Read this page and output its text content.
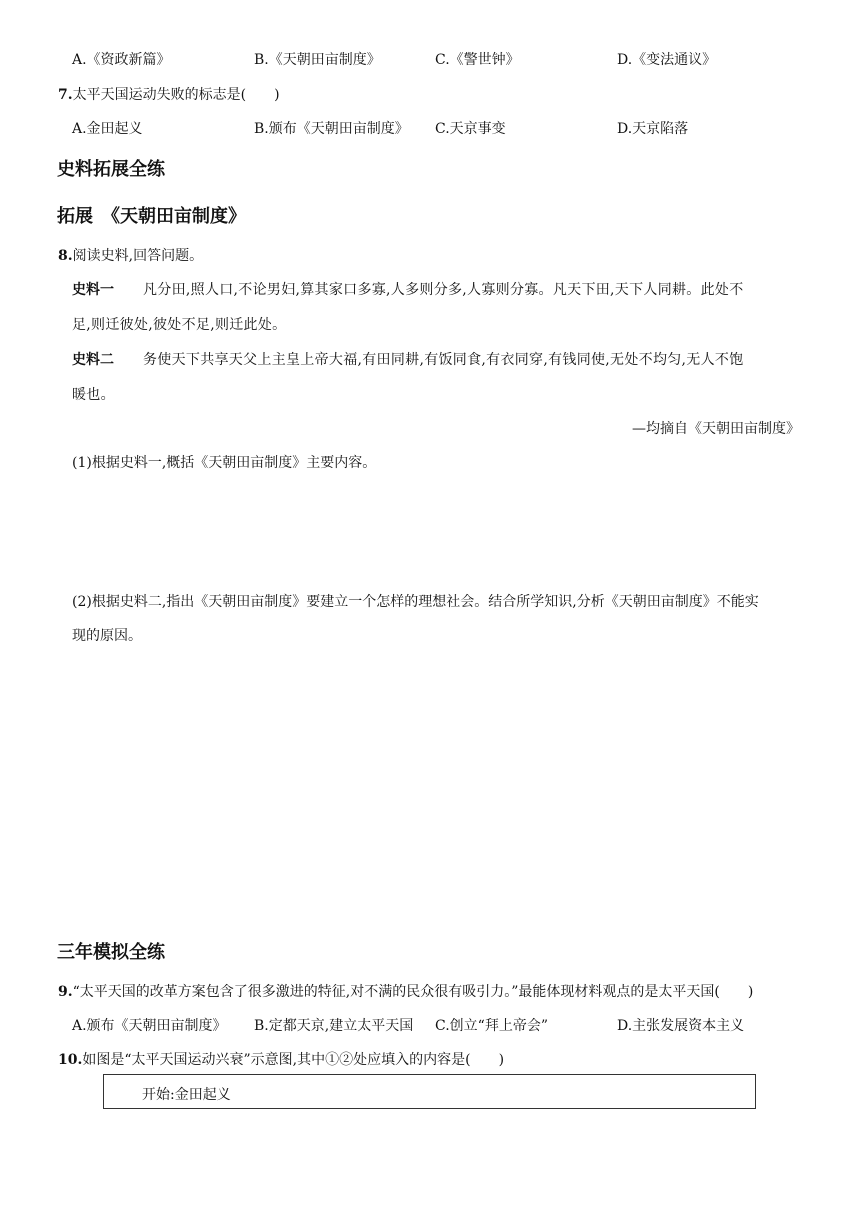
A.《资政新篇》	B.《天朝田亩制度》	C.《警世钟》	D.《变法通议》
7.太平天国运动失败的标志是(　　)
A.金田起义	B.颁布《天朝田亩制度》 C.天京事变	D.天京陷落
史料拓展全练
拓展　《天朝田亩制度》
8.阅读史料,回答问题。
史料一 凡分田,照人口,不论男妇,算其家口多寡,人多则分多,人寡则分寡。凡天下田,天下人同耕。此处不
足,则迁彼处,彼处不足,则迁此处。
史料二 务使天下共享天父上主皇上帝大福,有田同耕,有饭同食,有衣同穿,有钱同使,无处不均匀,无人不饱
暖也。
—均摘自《天朝田亩制度》
(1)根据史料一,概括《天朝田亩制度》主要内容。
(2)根据史料二,指出《天朝田亩制度》要建立一个怎样的理想社会。结合所学知识,分析《天朝田亩制度》不能实
现的原因。
三年模拟全练
9.“太平天国的改革方案包含了很多激进的特征,对不满的民众很有吸引力。”最能体现材料观点的是太平天国(　　)
A.颁布《天朝田亩制度》 B.定都天京,建立太平天国 C.创立“拜上帝会”	D.主张发展资本主义
10.如图是“太平天国运动兴衰”示意图,其中①②处应填入的内容是(　　)
开始:金田起义
